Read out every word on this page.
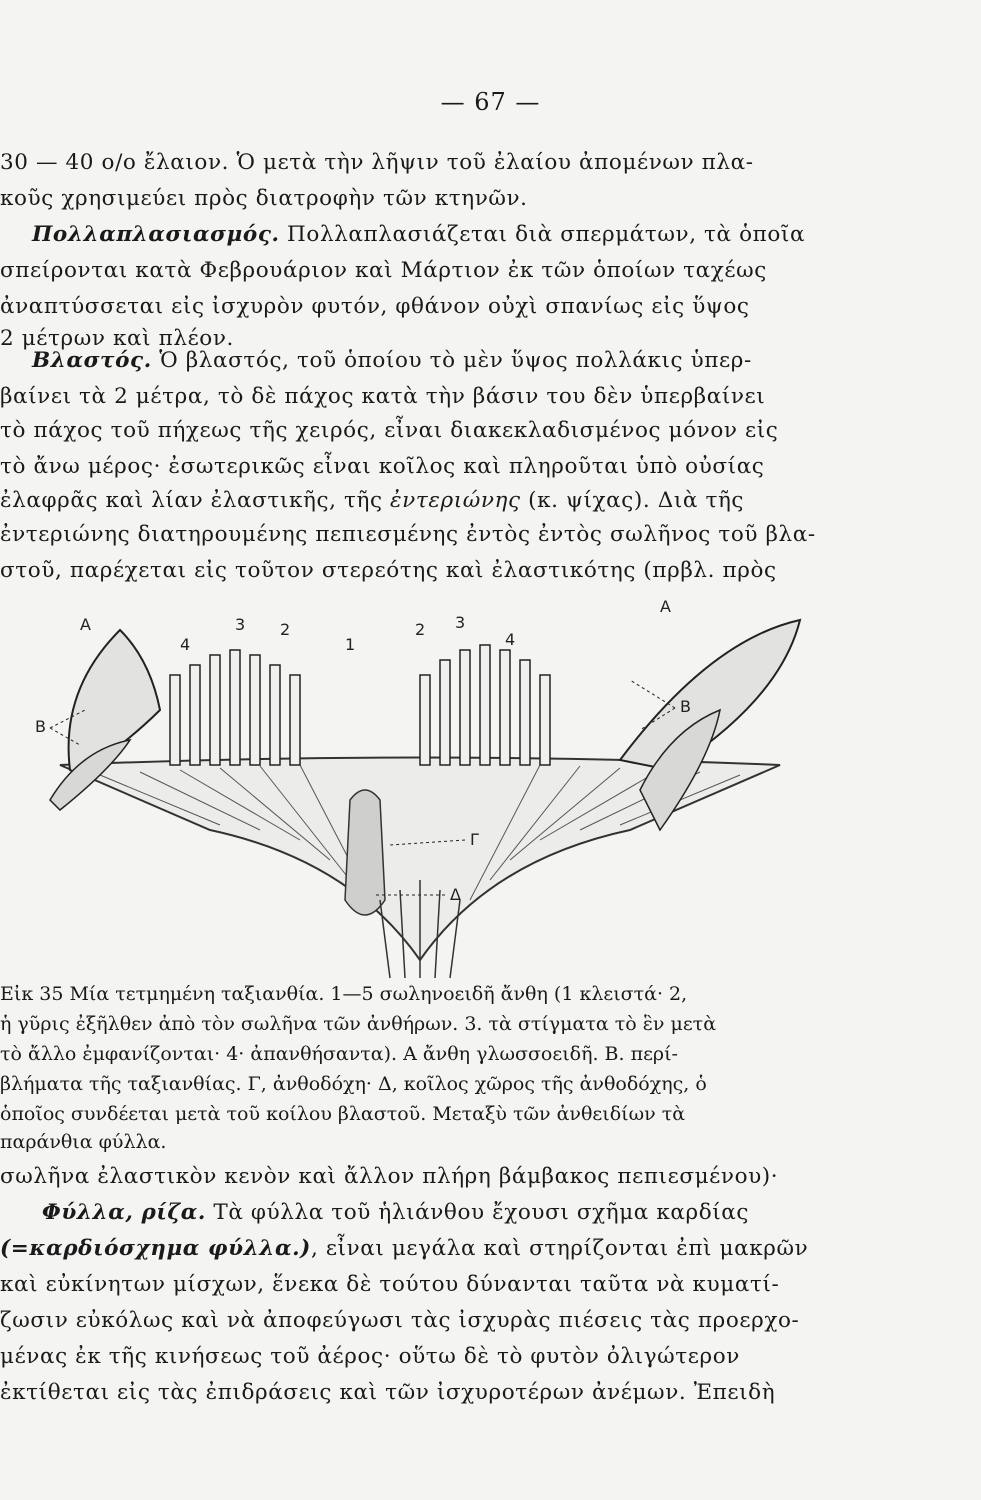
— 67 —
30 — 40 ο/ο ἔλαιον. Ὁ μετὰ τὴν λῆψιν τοῦ ἐλαίου ἀπομένων πλα-
κοῦς χρησιμεύει πρὸς διατροφὴν τῶν κτηνῶν.
Πολλαπλασιασμός. Πολλαπλασιάζεται διὰ σπερμάτων, τὰ ὁποῖα
σπείρονται κατὰ Φεβρουάριον καὶ Μάρτιον ἐκ τῶν ὁποίων ταχέως
ἀναπτύσσεται εἰς ἰσχυρὸν φυτόν, φθάνον οὐχὶ σπανίως εἰς ὕψος
2 μέτρων καὶ πλέον.
Βλαστός. Ὁ βλαστός, τοῦ ὁποίου τὸ μὲν ὕψος πολλάκις ὑπερ-
βαίνει τὰ 2 μέτρα, τὸ δὲ πάχος κατὰ τὴν βάσιν του δὲν ὑπερβαίνει
τὸ πάχος τοῦ πήχεως τῆς χειρός, εἶναι διακεκλαδισμένος μόνον εἰς
τὸ ἄνω μέρος· ἐσωτερικῶς εἶναι κοῖλος καὶ πληροῦται ὑπὸ οὐσίας
ἐλαφρᾶς καὶ λίαν ἐλαστικῆς, τῆς ἐντεριώνης (κ. ψίχας). Διὰ τῆς
ἐντεριώνης διατηρουμένης πεπιεσμένης ἐντὸς ἐντὸς σωλῆνος τοῦ βλα-
στοῦ, παρέχεται εἰς τοῦτον στερεότης καὶ ἐλαστικότης (πρβλ. πρὸς
A
A
B
B
Γ
Δ
4
3 2
1
2 3
4
Εἰκ 35 Μία τετμημένη ταξιανθία. 1—5 σωληνοειδῆ ἄνθη (1 κλειστά· 2,
ἡ γῦρις ἐξῆλθεν ἀπὸ τὸν σωλῆνα τῶν ἀνθήρων. 3. τὰ στίγματα τὸ ἓν μετὰ
τὸ ἄλλο ἐμφανίζονται· 4· ἀπανθήσαντα). Α ἄνθη γλωσσοειδῆ. Β. περί-
βλήματα τῆς ταξιανθίας. Γ, ἀνθοδόχη· Δ, κοῖλος χῶρος τῆς ἀνθοδόχης, ὁ
ὁποῖος συνδέεται μετὰ τοῦ κοίλου βλαστοῦ. Μεταξὺ τῶν ἀνθειδίων τὰ
παράνθια φύλλα.
σωλῆνα ἐλαστικὸν κενὸν καὶ ἄλλον πλήρη βάμβακος πεπιεσμένου)·
Φύλλα, ρίζα. Τὰ φύλλα τοῦ ἡλιάνθου ἔχουσι σχῆμα καρδίας
(=καρδιόσχημα φύλλα.), εἶναι μεγάλα καὶ στηρίζονται ἐπὶ μακρῶν
καὶ εὐκίνητων μίσχων, ἕνεκα δὲ τούτου δύνανται ταῦτα νὰ κυματί-
ζωσιν εὐκόλως καὶ νὰ ἀποφεύγωσι τὰς ἰσχυρὰς πιέσεις τὰς προερχο-
μένας ἐκ τῆς κινήσεως τοῦ ἀέρος· οὕτω δὲ τὸ φυτὸν ὀλιγώτερον
ἐκτίθεται εἰς τὰς ἐπιδράσεις καὶ τῶν ἰσχυροτέρων ἀνέμων. Ἐπειδὴ
